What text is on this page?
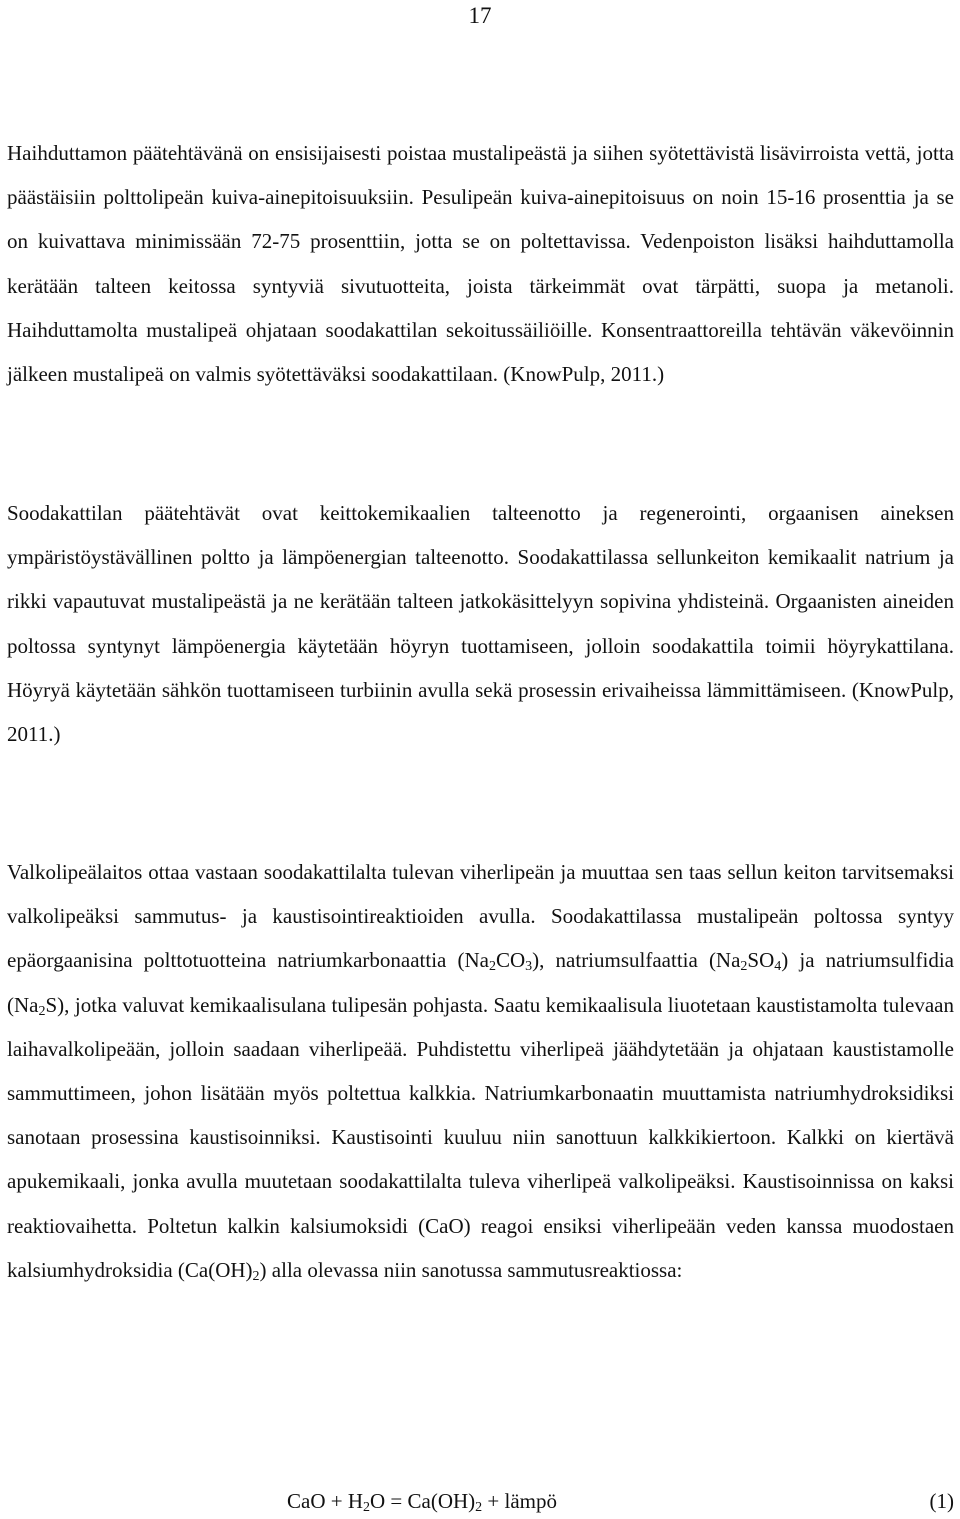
17

Haihduttamon päätehtävänä on ensisijaisesti poistaa mustalipeästä ja siihen syötettävistä lisävirroista vettä, jotta päästäisiin polttolipeän kuiva-ainepitoisuuksiin. Pesulipeän kuiva-ainepitoisuus on noin 15-16 prosenttia ja se on kuivattava minimissään 72-75 prosenttiin, jotta se on poltettavissa. Vedenpoiston lisäksi haihduttamolla kerätään talteen keitossa syntyviä sivutuotteita, joista tärkeimmät ovat tärpätti, suopa ja metanoli. Haihduttamolta mustalipeä ohjataan soodakattilan sekoitussäiliöille. Konsentraattoreilla tehtävän väkevöinnin jälkeen mustalipeä on valmis syötettäväksi soodakattilaan. (KnowPulp, 2011.)

Soodakattilan päätehtävät ovat keittokemikaalien talteenotto ja regenerointi, orgaanisen aineksen ympäristöystävällinen poltto ja lämpöenergian talteenotto. Soodakattilassa sellunkeiton kemikaalit natrium ja rikki vapautuvat mustalipeästä ja ne kerätään talteen jatkokäsittelyyn sopivina yhdisteinä. Orgaanisten aineiden poltossa syntynyt lämpöenergia käytetään höyryn tuottamiseen, jolloin soodakattila toimii höyrykattilana. Höyryä käytetään sähkön tuottamiseen turbiinin avulla sekä prosessin erivaiheissa lämmittämiseen. (KnowPulp, 2011.)

Valkolipeälaitos ottaa vastaan soodakattilalta tulevan viherlipeän ja muuttaa sen taas sellun keiton tarvitsemaksi valkolipeäksi sammutus- ja kaustisointireaktioiden avulla. Soodakattilassa mustalipeän poltossa syntyy epäorgaanisina polttotuotteina natriumkarbonaattia $(Na_2CO_3)$, natriumsulfaattia $(Na_2SO_4)$ ja natriumsulfidia $(Na_2S)$, jotka valuvat kemikaalisulana tulipesän pohjasta. Saatu kemikaalisula liuotetaan kaustistamolta tulevaan laihavalkolipeään, jolloin saadaan viherlipeää. Puhdistettu viherlipeä jäähdytetään ja ohjataan kaustistamolle sammuttimeen, johon lisätään myös poltettua kalkkia. Natriumkarbonaatin muuttamista natriumhydroksidiksi sanotaan prosessina kaustisoinniksi. Kaustisointi kuuluu niin sanottuun kalkkikiertoon. Kalkki on kiertävä apukemikaali, jonka avulla muutetaan soodakattilalta tuleva viherlipeä valkolipeäksi. Kaustisoinnissa on kaksi reaktiovaihetta. Poltetun kalkin kalsiumoksidi (CaO) reagoi ensiksi viherlipeään veden kanssa muodostaen kalsiumhydroksidia $(Ca(OH)_2)$ alla olevassa niin sanotussa sammutusreaktiossa:

CaO + $H_2O = Ca(OH)_2$ + lämpö	(1)
